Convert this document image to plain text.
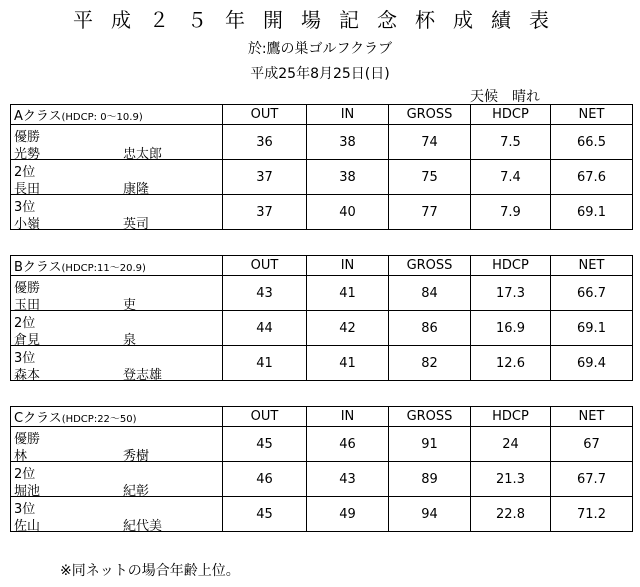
平成２５年開場記念杯成績表
於:鷹の巣ゴルフクラブ
平成25年8月25日(日)
天候　晴れ
Aクラス(HDCP: 0～10.9)	OUT	IN	GROSS	HDCP	NET

優勝
光勢 忠太郎	36	38	74	7.5	66.5

2位
長田 康隆	37	38	75	7.4	67.6

3位
小嶺 英司	37	40	77	7.9	69.1
Bクラス(HDCP:11～20.9)	OUT	IN	GROSS	HDCP	NET

優勝
玉田 吏	43	41	84	17.3	66.7

2位
倉見 泉	44	42	86	16.9	69.1

3位
森本 登志雄	41	41	82	12.6	69.4
Cクラス(HDCP:22～50)	OUT	IN	GROSS	HDCP	NET

優勝
林 秀樹	45	46	91	24	67

2位
堀池 紀彰	46	43	89	21.3	67.7

3位
佐山 紀代美	45	49	94	22.8	71.2
※同ネットの場合年齢上位。
